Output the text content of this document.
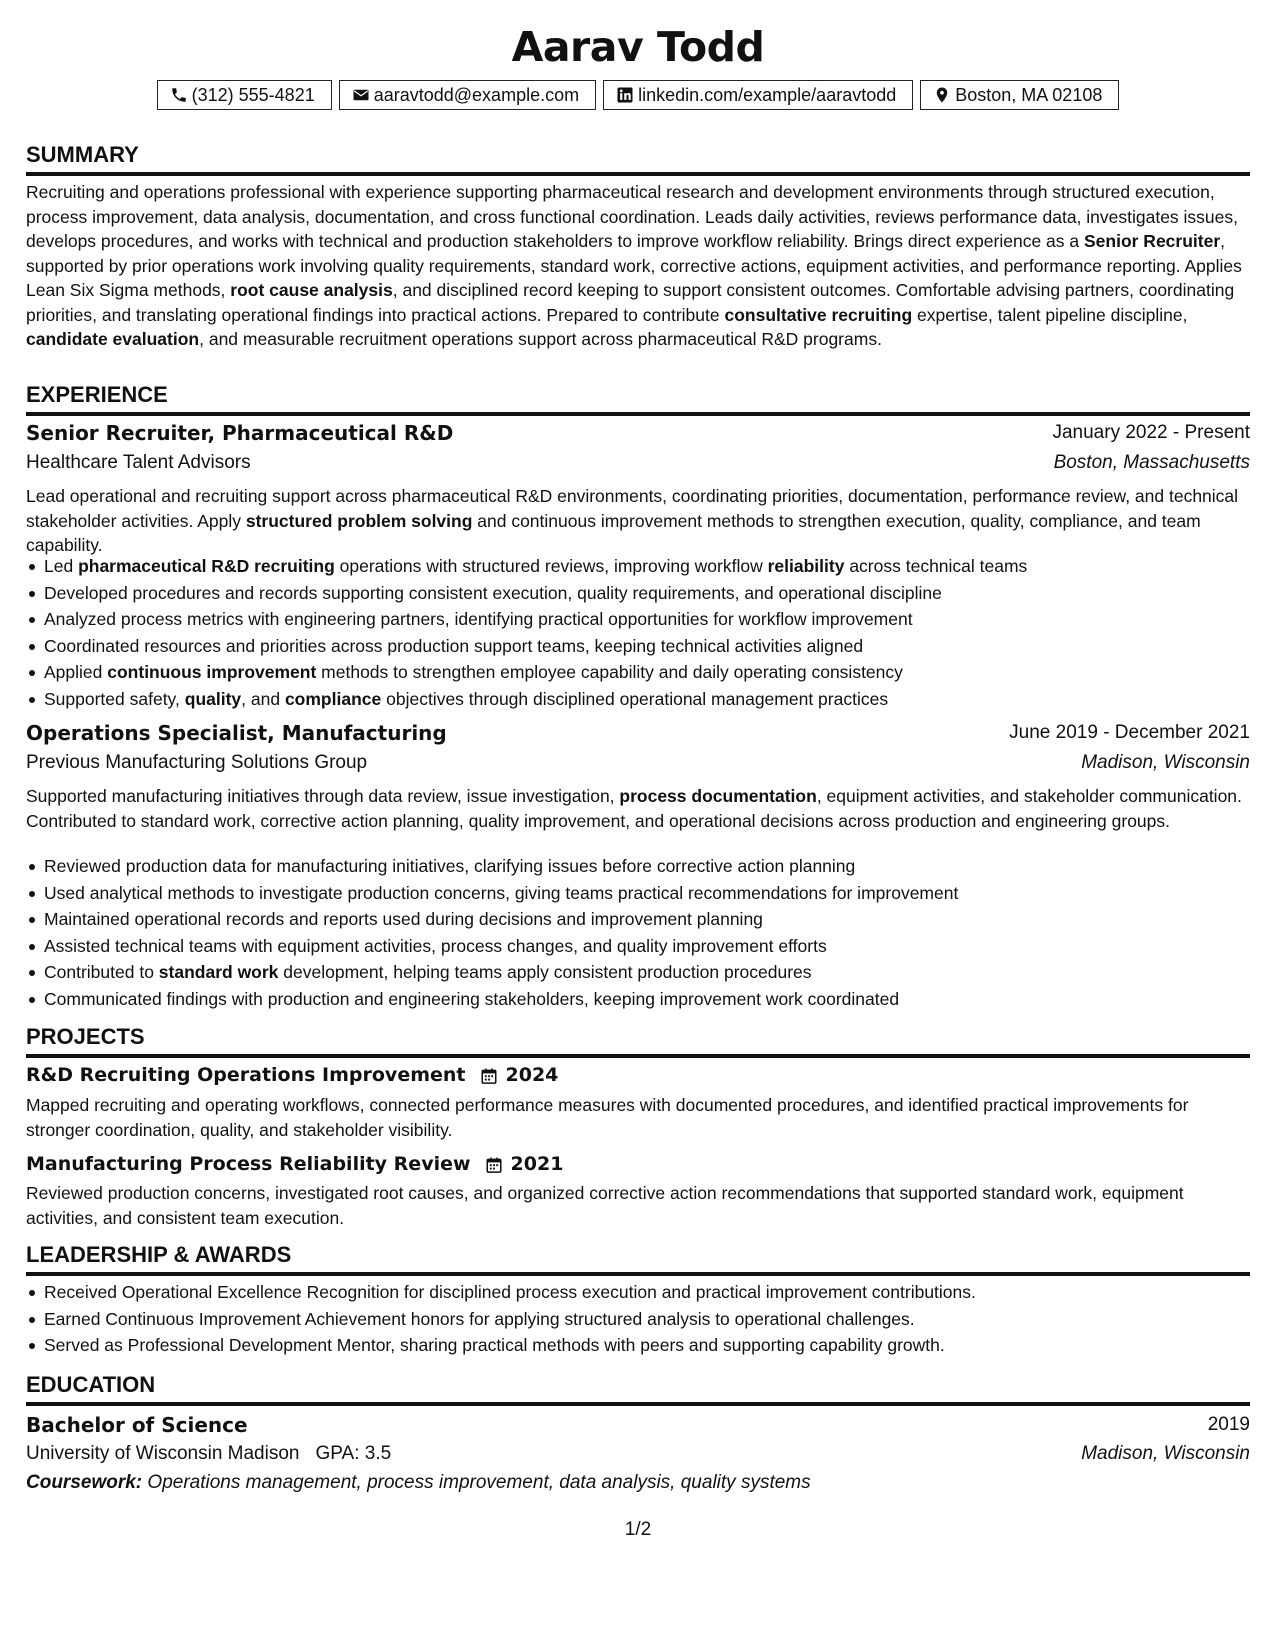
Aarav Todd
(312) 555-4821	aaravtodd@example.com	linkedin.com/example/aaravtodd	Boston, MA 02108
SUMMARY
Recruiting and operations professional with experience supporting pharmaceutical research and development environments through structured execution, process improvement, data analysis, documentation, and cross functional coordination. Leads daily activities, reviews performance data, investigates issues, develops procedures, and works with technical and production stakeholders to improve workflow reliability. Brings direct experience as a Senior Recruiter, supported by prior operations work involving quality requirements, standard work, corrective actions, equipment activities, and performance reporting. Applies Lean Six Sigma methods, root cause analysis, and disciplined record keeping to support consistent outcomes. Comfortable advising partners, coordinating priorities, and translating operational findings into practical actions. Prepared to contribute consultative recruiting expertise, talent pipeline discipline, candidate evaluation, and measurable recruitment operations support across pharmaceutical R&D programs.
EXPERIENCE
Senior Recruiter, Pharmaceutical R&D	January 2022 - Present
Healthcare Talent Advisors	Boston, Massachusetts
Lead operational and recruiting support across pharmaceutical R&D environments, coordinating priorities, documentation, performance review, and technical stakeholder activities. Apply structured problem solving and continuous improvement methods to strengthen execution, quality, compliance, and team capability.
Led pharmaceutical R&D recruiting operations with structured reviews, improving workflow reliability across technical teams
Developed procedures and records supporting consistent execution, quality requirements, and operational discipline
Analyzed process metrics with engineering partners, identifying practical opportunities for workflow improvement
Coordinated resources and priorities across production support teams, keeping technical activities aligned
Applied continuous improvement methods to strengthen employee capability and daily operating consistency
Supported safety, quality, and compliance objectives through disciplined operational management practices
Operations Specialist, Manufacturing	June 2019 - December 2021
Previous Manufacturing Solutions Group	Madison, Wisconsin
Supported manufacturing initiatives through data review, issue investigation, process documentation, equipment activities, and stakeholder communication. Contributed to standard work, corrective action planning, quality improvement, and operational decisions across production and engineering groups.
Reviewed production data for manufacturing initiatives, clarifying issues before corrective action planning
Used analytical methods to investigate production concerns, giving teams practical recommendations for improvement
Maintained operational records and reports used during decisions and improvement planning
Assisted technical teams with equipment activities, process changes, and quality improvement efforts
Contributed to standard work development, helping teams apply consistent production procedures
Communicated findings with production and engineering stakeholders, keeping improvement work coordinated
PROJECTS
R&D Recruiting Operations Improvement 2024
Mapped recruiting and operating workflows, connected performance measures with documented procedures, and identified practical improvements for stronger coordination, quality, and stakeholder visibility.
Manufacturing Process Reliability Review 2021
Reviewed production concerns, investigated root causes, and organized corrective action recommendations that supported standard work, equipment activities, and consistent team execution.
LEADERSHIP & AWARDS
Received Operational Excellence Recognition for disciplined process execution and practical improvement contributions.
Earned Continuous Improvement Achievement honors for applying structured analysis to operational challenges.
Served as Professional Development Mentor, sharing practical methods with peers and supporting capability growth.
EDUCATION
Bachelor of Science	2019
University of Wisconsin Madison GPA: 3.5	Madison, Wisconsin
Coursework: Operations management, process improvement, data analysis, quality systems
1/2
